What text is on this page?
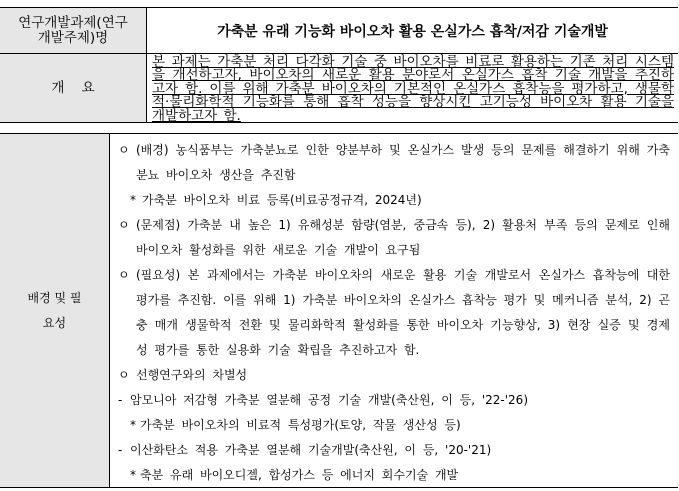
연구개발과제(연구개발주제)명	가축분 유래 기능화 바이오차 활용 온실가스 흡착/저감 기술개발
개    요
본 과제는 가축분 처리 다각화 기술 중 바이오차를 비료로 활용하는 기존 처리 시스템을 개선하고자, 바이오차의 새로운 활용 분야로서 온실가스 흡착 기술 개발을 추진하고자 함. 이를 위해 가축분 바이오차의 기본적인 온실가스 흡착능을 평가하고, 생물학적·물리화학적 기능화를 통해 흡착 성능을 향상시킨 고기능성 바이오차 활용 기술을 개발하고자 함.
배경 및 필요성
ㅇ (배경) 농식품부는 가축분뇨로 인한 양분부하 및 온실가스 발생 등의 문제를 해결하기 위해 가축분뇨 바이오차 생산을 추진함
* 가축분 바이오차 비료 등록(비료공정규격, 2024년)
ㅇ (문제점) 가축분 내 높은 1) 유해성분 함량(염분, 중금속 등), 2) 활용처 부족 등의 문제로 인해 바이오차 활성화를 위한 새로운 기술 개발이 요구됨
ㅇ (필요성) 본 과제에서는 가축분 바이오차의 새로운 활용 기술 개발로서 온실가스 흡착능에 대한 평가를 추진함. 이를 위해 1) 가축분 바이오차의 온실가스 흡착능 평가 및 메커니즘 분석, 2) 곤충 매개 생물학적 전환 및 물리화학적 활성화를 통한 바이오차 기능향상, 3) 현장 실증 및 경제성 평가를 통한 실용화 기술 확립을 추진하고자 함.
ㅇ 선행연구와의 차별성
- 암모니아 저감형 가축분 열분해 공정 기술 개발(축산원, 이 등, '22-'26)
* 가축분 바이오차의 비료적 특성평가(토양, 작물 생산성 등)
- 이산화탄소 적용 가축분 열분해 기술개발(축산원, 이 등, '20-'21)
* 축분 유래 바이오디젤, 합성가스 등 에너지 회수기술 개발
